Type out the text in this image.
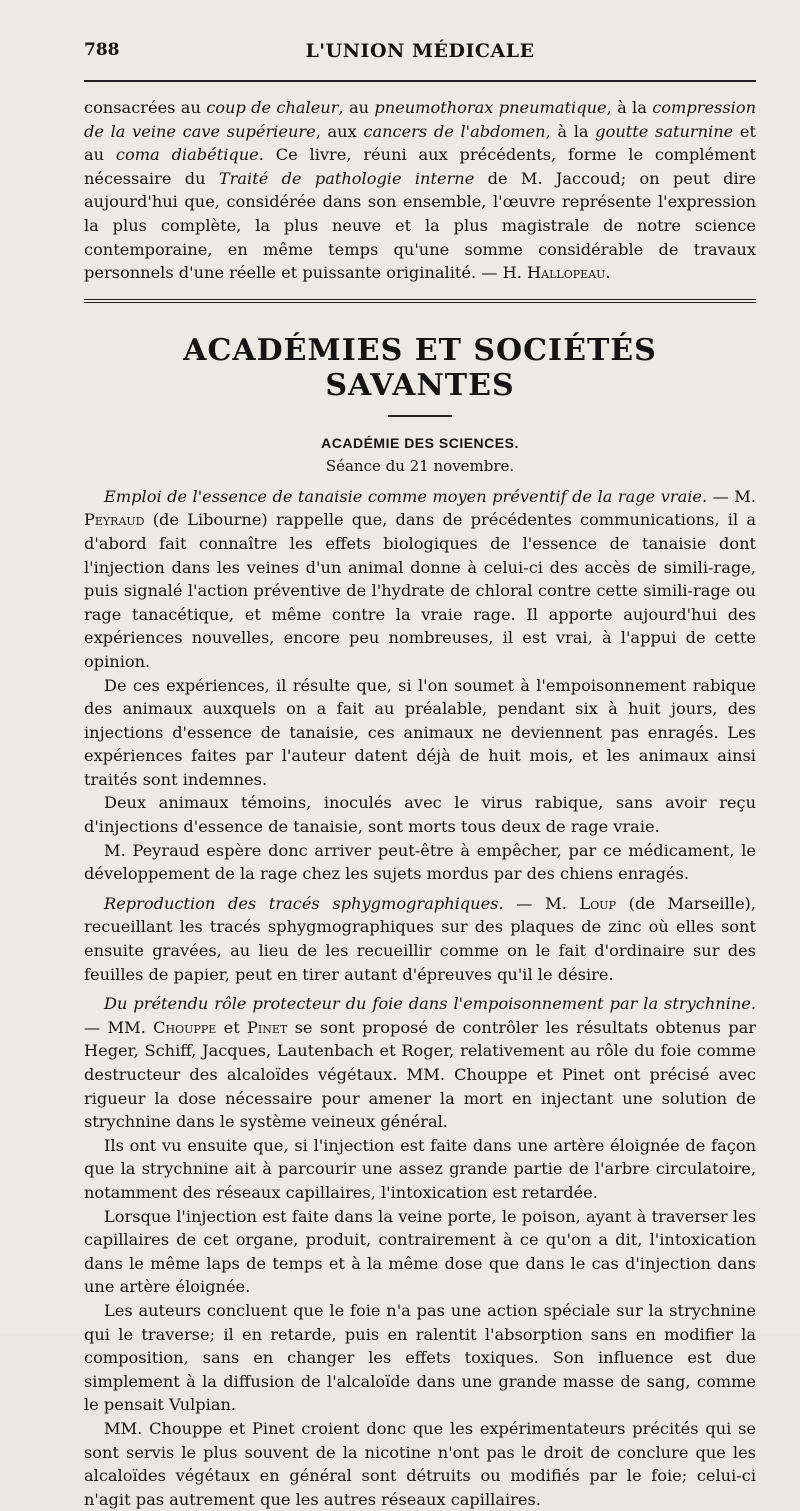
788	L'UNION MÉDICALE

consacrées au coup de chaleur, au pneumothorax pneumatique, à la compression de la veine cave supérieure, aux cancers de l'abdomen, à la goutte saturnine et au coma diabétique. Ce livre, réuni aux précédents, forme le complément nécessaire du Traité de pathologie interne de M. Jaccoud; on peut dire aujourd'hui que, considérée dans son ensemble, l'œuvre représente l'expression la plus complète, la plus neuve et la plus magistrale de notre science contemporaine, en même temps qu'une somme considérable de travaux personnels d'une réelle et puissante originalité. — H. Hallopeau.

ACADÉMIES ET SOCIÉTÉS SAVANTES
ACADÉMIE DES SCIENCES.
Séance du 21 novembre.

Emploi de l'essence de tanaisie comme moyen préventif de la rage vraie. — M. Peyraud (de Libourne) rappelle que, dans de précédentes communications, il a d'abord fait connaître les effets biologiques de l'essence de tanaisie dont l'injection dans les veines d'un animal donne à celui-ci des accès de simili-rage, puis signalé l'action préventive de l'hydrate de chloral contre cette simili-rage ou rage tanacétique, et même contre la vraie rage. Il apporte aujourd'hui des expériences nouvelles, encore peu nombreuses, il est vrai, à l'appui de cette opinion.

De ces expériences, il résulte que, si l'on soumet à l'empoisonnement rabique des animaux auxquels on a fait au préalable, pendant six à huit jours, des injections d'essence de tanaisie, ces animaux ne deviennent pas enragés. Les expériences faites par l'auteur datent déjà de huit mois, et les animaux ainsi traités sont indemnes.

Deux animaux témoins, inoculés avec le virus rabique, sans avoir reçu d'injections d'essence de tanaisie, sont morts tous deux de rage vraie.

M. Peyraud espère donc arriver peut-être à empêcher, par ce médicament, le développement de la rage chez les sujets mordus par des chiens enragés.

Reproduction des tracés sphygmographiques. — M. Loup (de Marseille), recueillant les tracés sphygmographiques sur des plaques de zinc où elles sont ensuite gravées, au lieu de les recueillir comme on le fait d'ordinaire sur des feuilles de papier, peut en tirer autant d'épreuves qu'il le désire.

Du prétendu rôle protecteur du foie dans l'empoisonnement par la strychnine. — MM. Chouppe et Pinet se sont proposé de contrôler les résultats obtenus par Heger, Schiff, Jacques, Lautenbach et Roger, relativement au rôle du foie comme destructeur des alcaloïdes végétaux. MM. Chouppe et Pinet ont précisé avec rigueur la dose nécessaire pour amener la mort en injectant une solution de strychnine dans le système veineux général.

Ils ont vu ensuite que, si l'injection est faite dans une artère éloignée de façon que la strychnine ait à parcourir une assez grande partie de l'arbre circulatoire, notamment des réseaux capillaires, l'intoxication est retardée.

Lorsque l'injection est faite dans la veine porte, le poison, ayant à traverser les capillaires de cet organe, produit, contrairement à ce qu'on a dit, l'intoxication dans le même laps de temps et à la même dose que dans le cas d'injection dans une artère éloignée.

Les auteurs concluent que le foie n'a pas une action spéciale sur la strychnine qui le traverse; il en retarde, puis en ralentit l'absorption sans en modifier la composition, sans en changer les effets toxiques. Son influence est due simplement à la diffusion de l'alcaloïde dans une grande masse de sang, comme le pensait Vulpian.

MM. Chouppe et Pinet croient donc que les expérimentateurs précités qui se sont servis le plus souvent de la nicotine n'ont pas le droit de conclure que les alcaloïdes végétaux en général sont détruits ou modifiés par le foie; celui-ci n'agit pas autrement que les autres réseaux capillaires.
